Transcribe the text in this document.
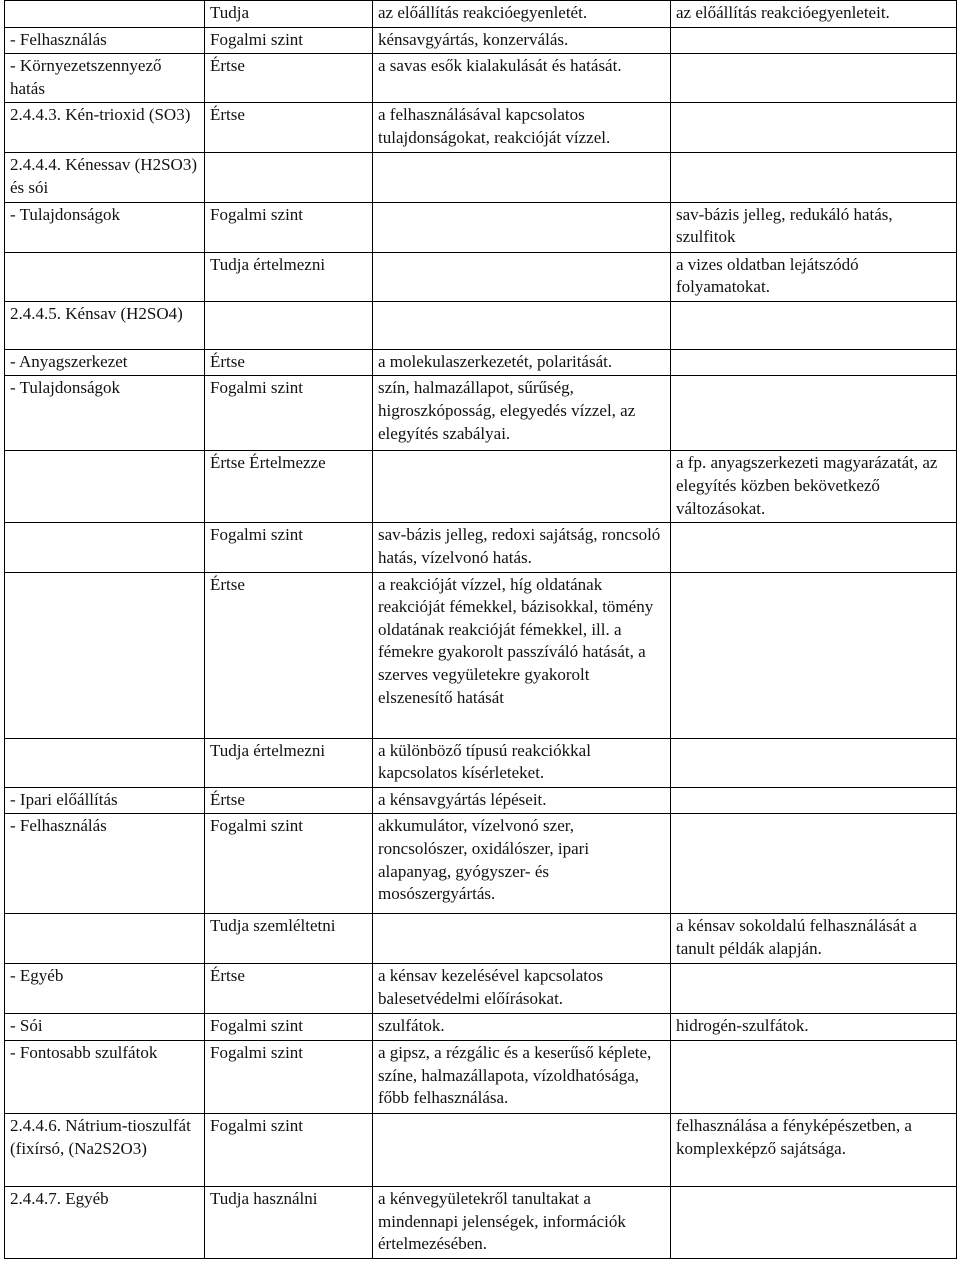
	Tudja	az előállítás reakcióegyenletét.	az előállítás reakcióegyenleteit.
- Felhasználás	Fogalmi szint	kénsavgyártás, konzerválás.	
- Környezetszennyező hatás	Értse	a savas esők kialakulását és hatását.	
2.4.4.3. Kén-trioxid (SO3)	Értse	a felhasználásával kapcsolatos tulajdonságokat, reakcióját vízzel.	
2.4.4.4. Kénessav (H2SO3) és sói			
- Tulajdonságok	Fogalmi szint		sav-bázis jelleg, redukáló hatás, szulfitok
	Tudja értelmezni		a vizes oldatban lejátszódó folyamatokat.
2.4.4.5. Kénsav (H2SO4)			
- Anyagszerkezet	Értse	a molekulaszerkezetét, polaritását.	
- Tulajdonságok	Fogalmi szint	szín, halmazállapot, sűrűség, higroszkóposság, elegyedés vízzel, az elegyítés szabályai.	
	Értse Értelmezze		a fp. anyagszerkezeti magyarázatát, az elegyítés közben bekövetkező változásokat.
	Fogalmi szint	sav-bázis jelleg, redoxi sajátság, roncsoló hatás, vízelvonó hatás.	
	Értse	a reakcióját vízzel, híg oldatának reakcióját fémekkel, bázisokkal, tömény oldatának reakcióját fémekkel, ill. a fémekre gyakorolt passzíváló hatását, a szerves vegyületekre gyakorolt elszenesítő hatását	
	Tudja értelmezni	a különböző típusú reakciókkal kapcsolatos kísérleteket.	
- Ipari előállítás	Értse	a kénsavgyártás lépéseit.	
- Felhasználás	Fogalmi szint	akkumulátor, vízelvonó szer, roncsolószer, oxidálószer, ipari alapanyag, gyógyszer- és mosószergyártás.	
	Tudja szemléltetni		a kénsav sokoldalú felhasználását a tanult példák alapján.
- Egyéb	Értse	a kénsav kezelésével kapcsolatos balesetvédelmi előírásokat.	
- Sói	Fogalmi szint	szulfátok.	hidrogén-szulfátok.
- Fontosabb szulfátok	Fogalmi szint	a gipsz, a rézgálic és a keserűső képlete, színe, halmazállapota, vízoldhatósága, főbb felhasználása.	
2.4.4.6. Nátrium-tioszulfát (fixírsó, (Na2S2O3)	Fogalmi szint		felhasználása a fényképészetben, a komplexképző sajátsága.
2.4.4.7. Egyéb	Tudja használni	a kénvegyületekről tanultakat a mindennapi jelenségek, információk értelmezésében.	
